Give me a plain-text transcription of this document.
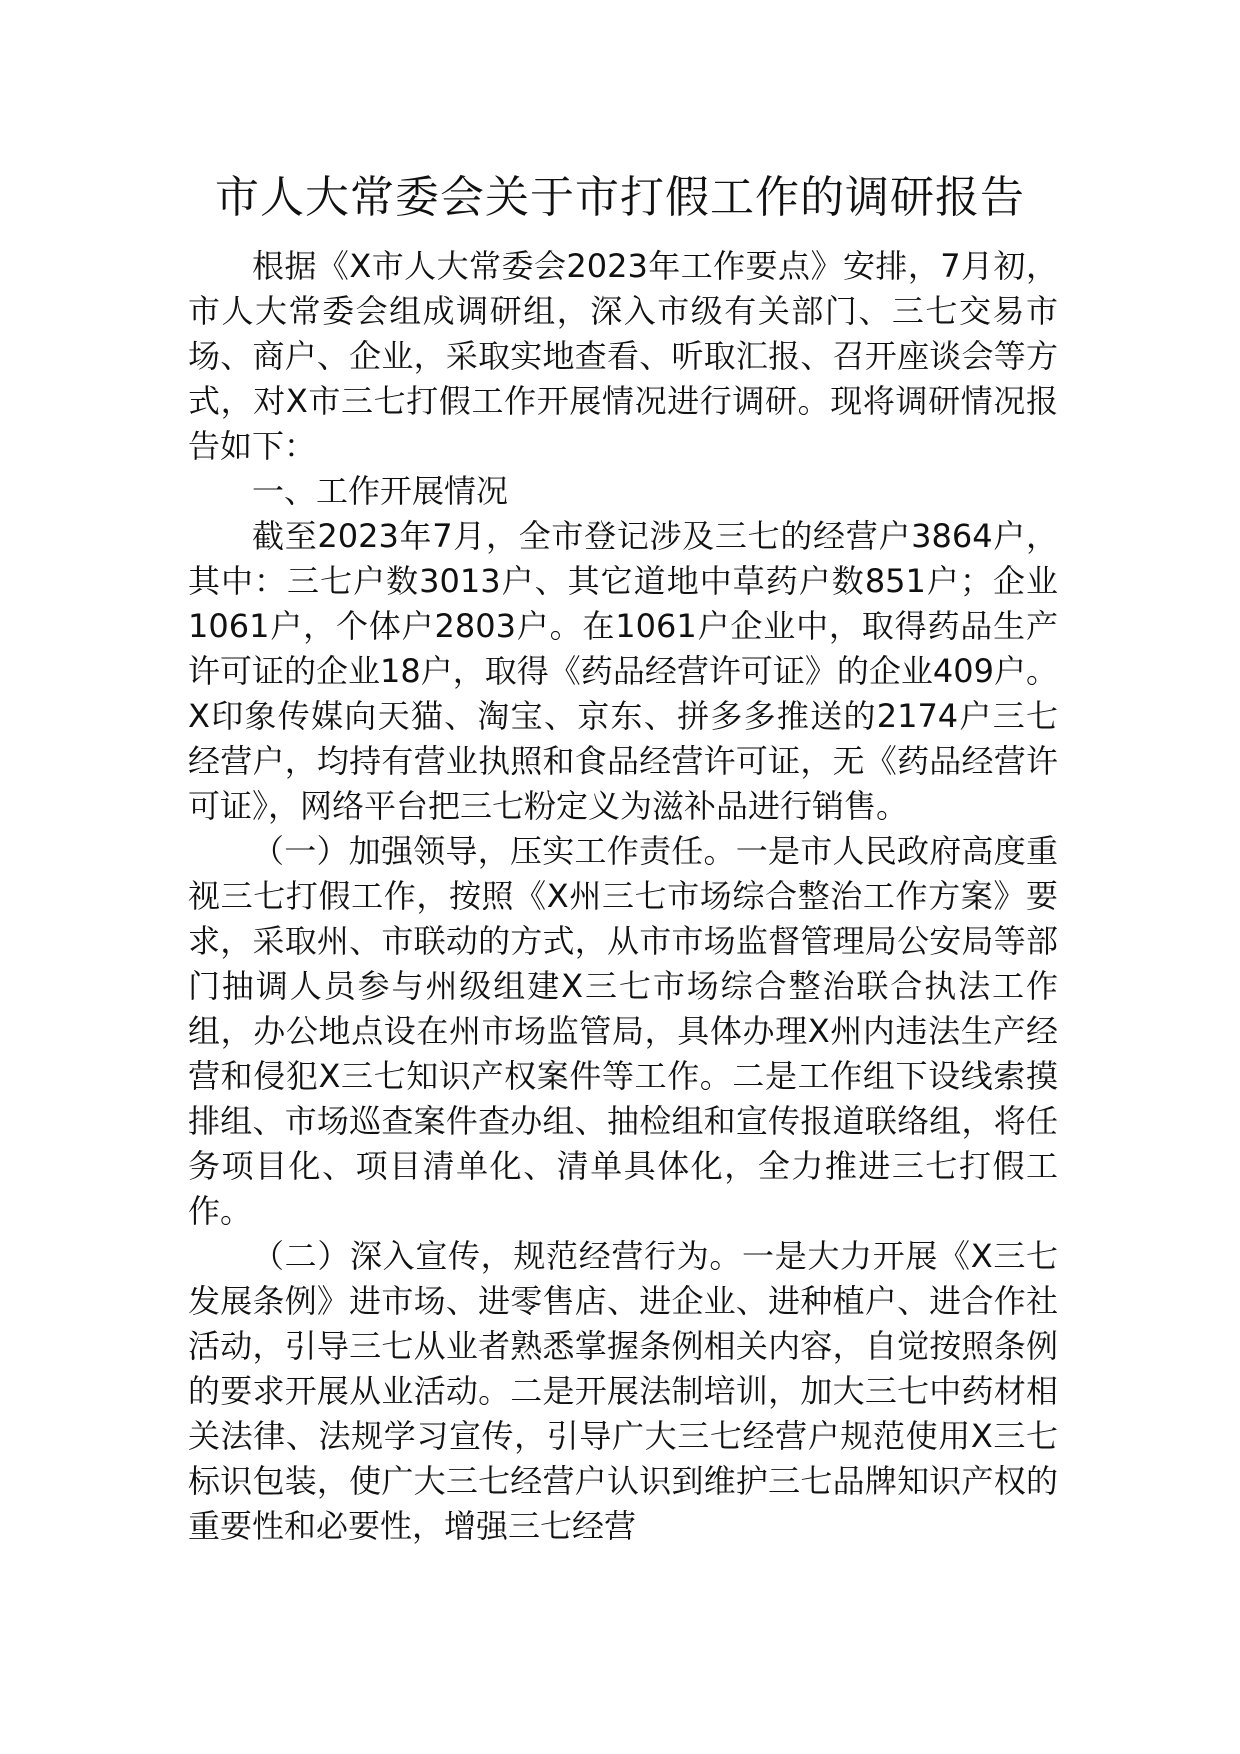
市人大常委会关于市打假工作的调研报告

根据《X市人大常委会2023年工作要点》安排，7月初，市人大常委会组成调研组，深入市级有关部门、三七交易市场、商户、企业，采取实地查看、听取汇报、召开座谈会等方式，对X市三七打假工作开展情况进行调研。现将调研情况报告如下：

一、工作开展情况

截至2023年7月，全市登记涉及三七的经营户3864户，其中：三七户数3013户、其它道地中草药户数851户；企业1061户，个体户2803户。在1061户企业中，取得药品生产许可证的企业18户，取得《药品经营许可证》的企业409户。X印象传媒向天猫、淘宝、京东、拼多多推送的2174户三七经营户，均持有营业执照和食品经营许可证，无《药品经营许可证》，网络平台把三七粉定义为滋补品进行销售。

（一）加强领导，压实工作责任。一是市人民政府高度重视三七打假工作，按照《X州三七市场综合整治工作方案》要求，采取州、市联动的方式，从市市场监督管理局公安局等部门抽调人员参与州级组建X三七市场综合整治联合执法工作组，办公地点设在州市场监管局，具体办理X州内违法生产经营和侵犯X三七知识产权案件等工作。二是工作组下设线索摸排组、市场巡查案件查办组、抽检组和宣传报道联络组，将任务项目化、项目清单化、清单具体化，全力推进三七打假工作。

（二）深入宣传，规范经营行为。一是大力开展《X三七发展条例》进市场、进零售店、进企业、进种植户、进合作社活动，引导三七从业者熟悉掌握条例相关内容，自觉按照条例的要求开展从业活动。二是开展法制培训，加大三七中药材相关法律、法规学习宣传，引导广大三七经营户规范使用X三七标识包装，使广大三七经营户认识到维护三七品牌知识产权的重要性和必要性，增强三七经营
